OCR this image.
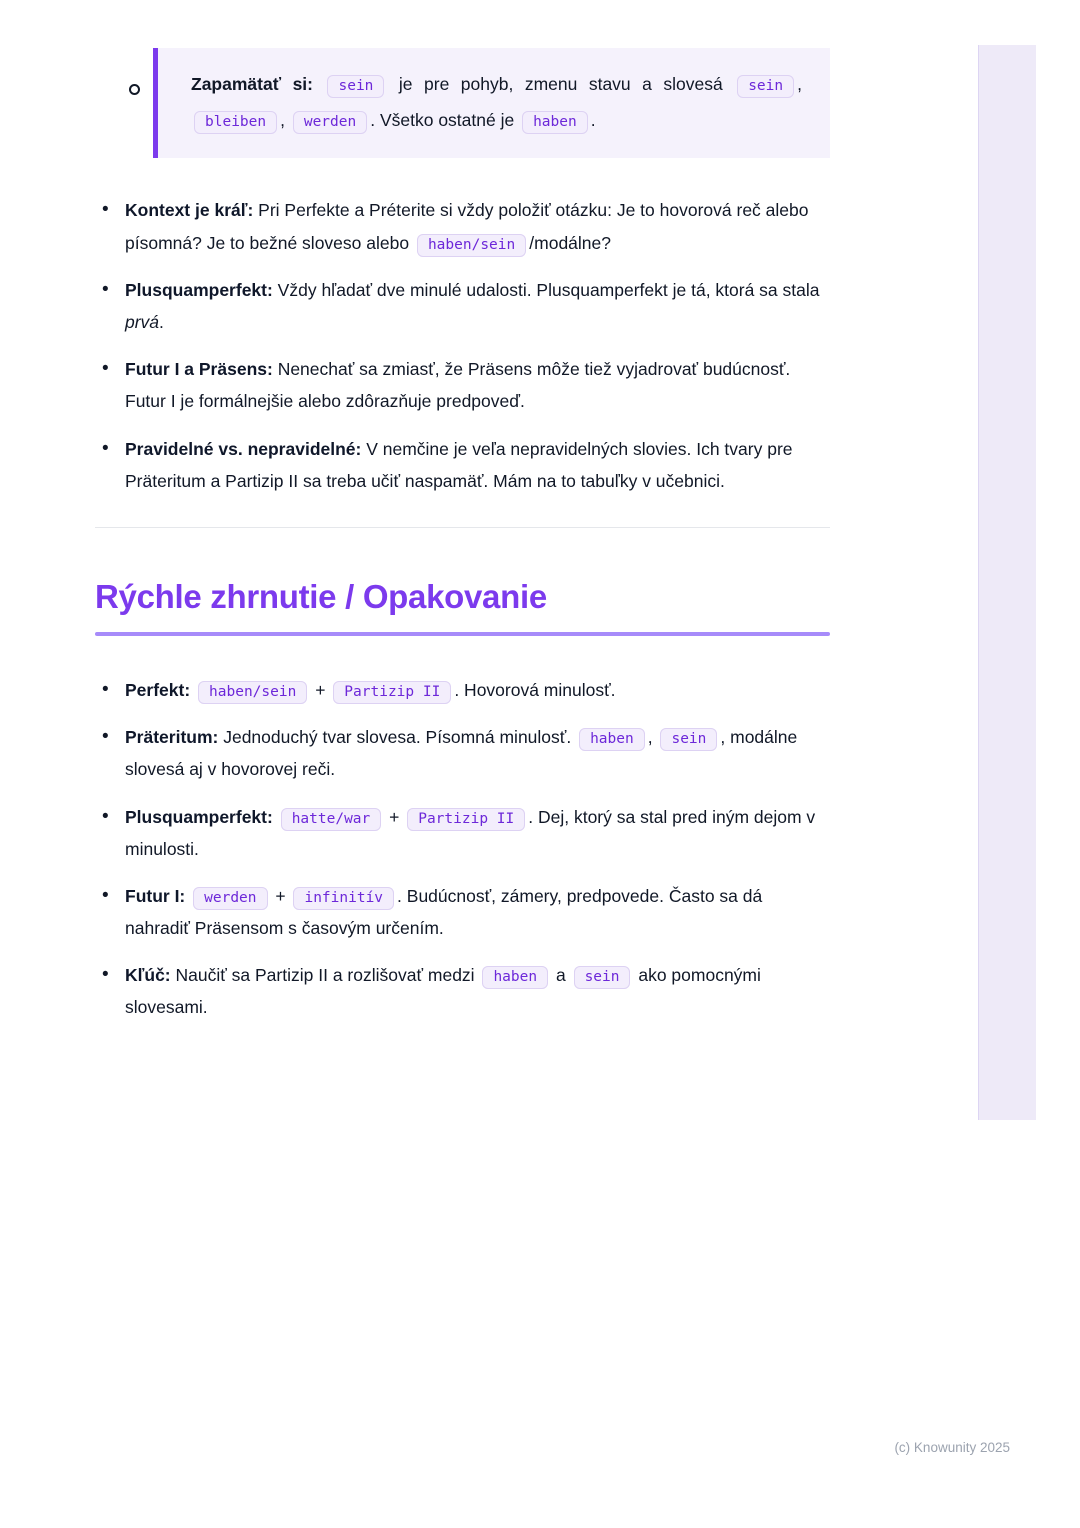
Zapamätať si: sein je pre pohyb, zmenu stavu a slovesá sein , bleiben , werden . Všetko ostatné je haben .

• Kontext je kráľ: Pri Perfekte a Préterite si vždy položiť otázku: Je to hovorová reč alebo písomná? Je to bežné sloveso alebo haben/sein /modálne?
• Plusquamperfekt: Vždy hľadať dve minulé udalosti. Plusquamperfekt je tá, ktorá sa stala prvá.
• Futur I a Präsens: Nenechať sa zmiasť, že Präsens môže tiež vyjadrovať budúcnosť. Futur I je formálnejšie alebo zdôrazňuje predpoveď.
• Pravidelné vs. nepravidelné: V nemčine je veľa nepravidelných slovies. Ich tvary pre Präteritum a Partizip II sa treba učiť naspamäť. Mám na to tabuľky v učebnici.
Rýchle zhrnutie / Opakovanie
• Perfekt: haben/sein + Partizip II . Hovorová minulosť.
• Präteritum: Jednoduchý tvar slovesa. Písomná minulosť. haben , sein , modálne slovesá aj v hovorovej reči.
• Plusquamperfekt: hatte/war + Partizip II . Dej, ktorý sa stal pred iným dejom v minulosti.
• Futur I: werden + infinitív . Budúcnosť, zámery, predpovede. Často sa dá nahradiť Präsensom s časovým určením.
• Kľúč: Naučiť sa Partizip II a rozlišovať medzi haben a sein ako pomocnými slovesami.
(c) Knowunity 2025
